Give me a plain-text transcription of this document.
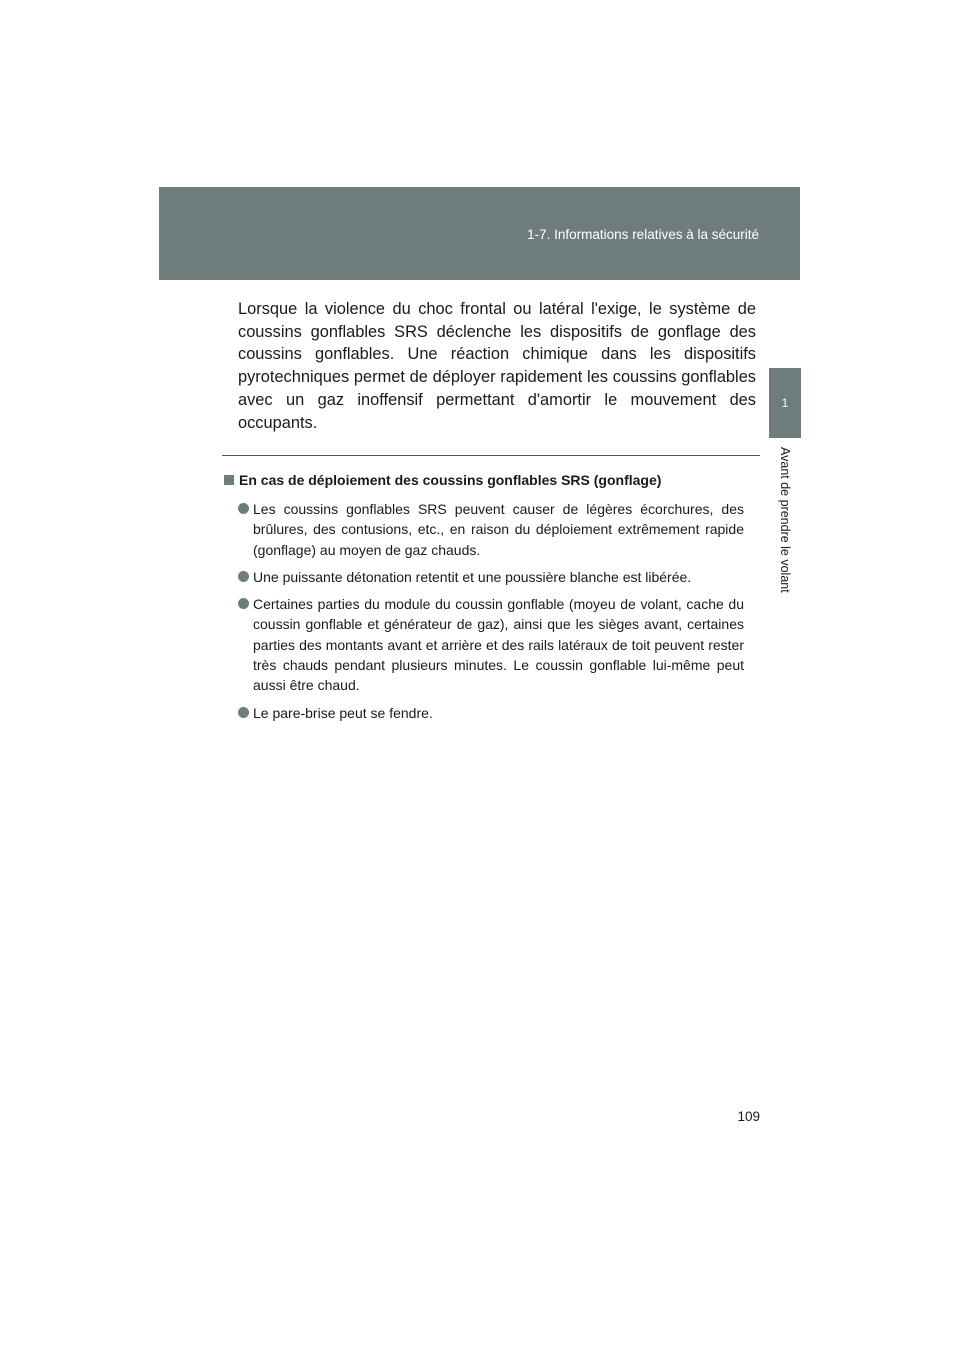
1-7. Informations relatives à la sécurité
1
Avant de prendre le volant

Lorsque la violence du choc frontal ou latéral l'exige, le système de coussins gonflables SRS déclenche les dispositifs de gonflage des coussins gonflables. Une réaction chimique dans les dispositifs pyrotechniques permet de déployer rapidement les coussins gonflables avec un gaz inoffensif permettant d'amortir le mouvement des occupants.

En cas de déploiement des coussins gonflables SRS (gonflage)

Les coussins gonflables SRS peuvent causer de légères écorchures, des brûlures, des contusions, etc., en raison du déploiement extrêmement rapide (gonflage) au moyen de gaz chauds.
Une puissante détonation retentit et une poussière blanche est libérée.
Certaines parties du module du coussin gonflable (moyeu de volant, cache du coussin gonflable et générateur de gaz), ainsi que les sièges avant, certaines parties des montants avant et arrière et des rails latéraux de toit peuvent rester très chauds pendant plusieurs minutes. Le coussin gonflable lui-même peut aussi être chaud.
Le pare-brise peut se fendre.
109
